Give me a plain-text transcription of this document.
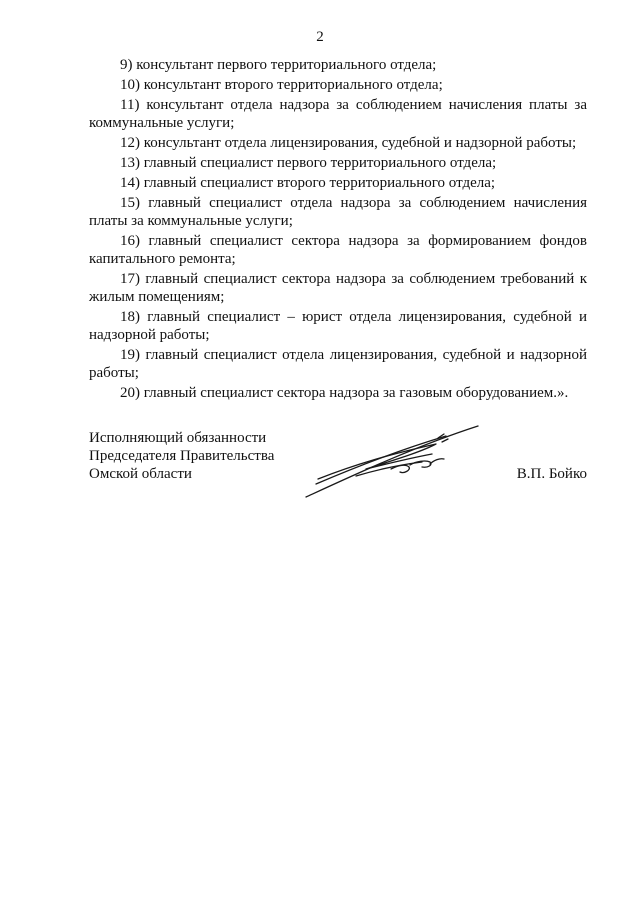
2

9) консультант первого территориального отдела;

10) консультант второго территориального отдела;

11) консультант отдела надзора за соблюдением начисления платы за коммунальные услуги;

12) консультант отдела лицензирования, судебной и надзорной работы;

13) главный специалист первого территориального отдела;

14) главный специалист второго территориального отдела;

15) главный специалист отдела надзора за соблюдением начисления платы за коммунальные услуги;

16) главный специалист сектора надзора за формированием фондов капитального ремонта;

17) главный специалист сектора надзора за соблюдением требований к жилым помещениям;

18) главный специалист – юрист отдела лицензирования, судебной и надзорной работы;

19) главный специалист отдела лицензирования, судебной и надзорной работы;

20) главный специалист сектора надзора за газовым оборудованием.».

Исполняющий обязанности
Председателя Правительства
Омской области	В.П. Бойко
